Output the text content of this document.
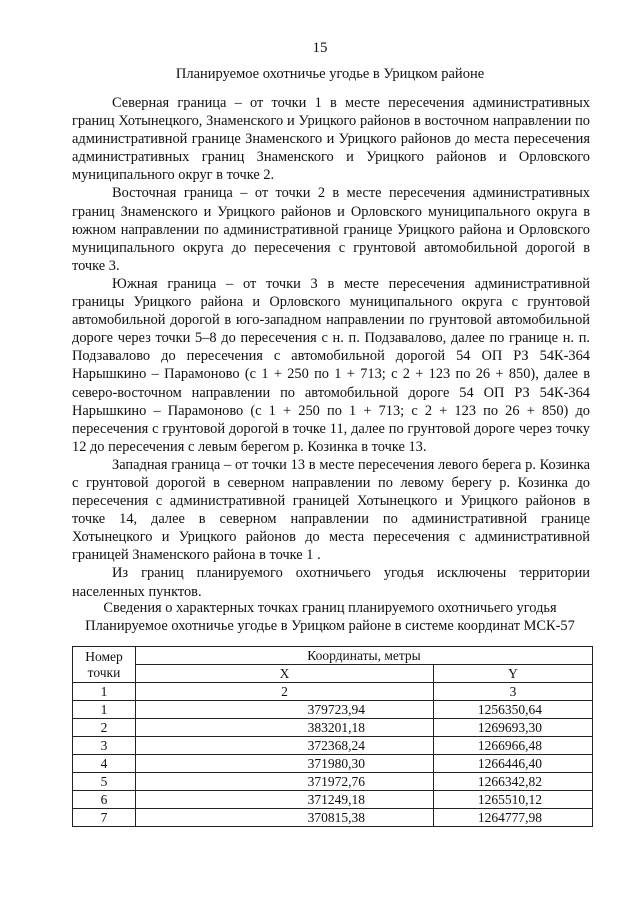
15
Планируемое охотничье угодье в Урицком районе

Северная граница – от точки 1 в месте пересечения административных границ Хотынецкого, Знаменского и Урицкого районов в восточном направлении по административной границе Знаменского и Урицкого районов до места пересечения административных границ Знаменского и Урицкого районов и Орловского муниципального округ в точке 2.

Восточная граница – от точки 2 в месте пересечения административных границ Знаменского и Урицкого районов и Орловского муниципального округа в южном направлении по административной границе Урицкого района и Орловского муниципального округа до пересечения с грунтовой автомобильной дорогой в точке 3.

Южная граница – от точки 3 в месте пересечения административной границы Урицкого района и Орловского муниципального округа с грунтовой автомобильной дорогой в юго-западном направлении по грунтовой автомобильной дороге через точки 5–8 до пересечения с н. п. Подзавалово, далее по границе н. п. Подзавалово до пересечения с автомобильной дорогой 54 ОП РЗ 54К-364 Нарышкино – Парамоново (с 1 + 250 по 1 + 713; с 2 + 123 по 26 + 850), далее в северо-восточном направлении по автомобильной дороге 54 ОП РЗ 54К-364 Нарышкино – Парамоново (с 1 + 250 по 1 + 713; с 2 + 123 по 26 + 850) до пересечения с грунтовой дорогой в точке 11, далее по грунтовой дороге через точку 12 до пересечения с левым берегом р. Козинка в точке 13.

Западная граница – от точки 13 в месте пересечения левого берега р. Козинка с грунтовой дорогой в северном направлении по левому берегу р. Козинка до пересечения с административной границей Хотынецкого и Урицкого районов в точке 14, далее в северном направлении по административной границе Хотынецкого и Урицкого районов до места пересечения с административной границей Знаменского района в точке 1 .

Из границ планируемого охотничьего угодья исключены территории населенных пунктов.

Сведения о характерных точках границ планируемого охотничьего угодья
Планируемое охотничье угодье в Урицком районе в системе координат МСК-57
Номер
точки	Координаты, метры	
	X	Y
1	2	3
1	379723,94	1256350,64
2	383201,18	1269693,30
3	372368,24	1266966,48
4	371980,30	1266446,40
5	371972,76	1266342,82
6	371249,18	1265510,12
7	370815,38	1264777,98
